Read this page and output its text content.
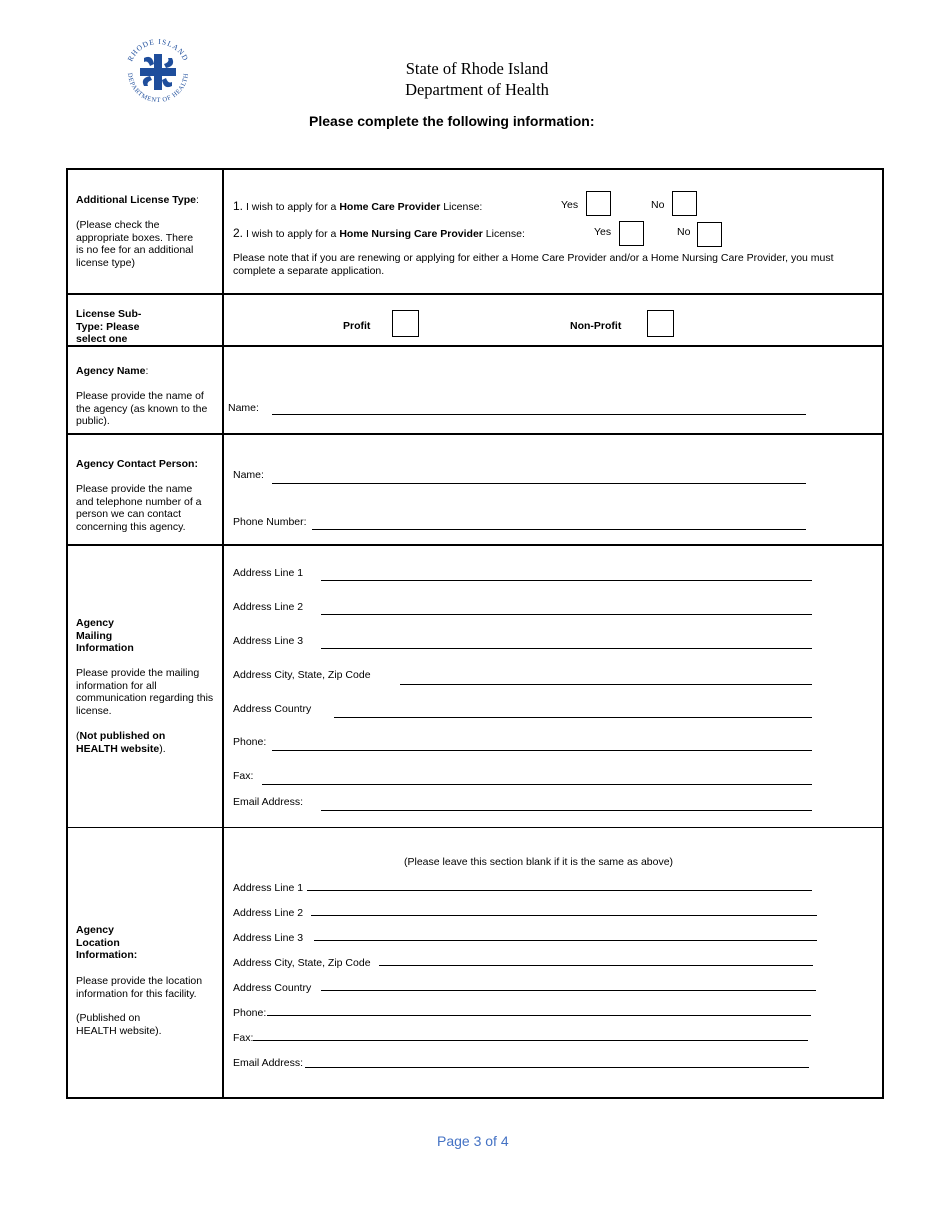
RHODE ISLAND
DEPARTMENT OF HEALTH	State of Rhode Island
Department of Health
Please complete the following information:
Additional License Type:
(Please check the appropriate boxes. There is no fee for an additional license type)
1. I wish to apply for a Home Care Provider License:	Yes	No
2. I wish to apply for a Home Nursing Care Provider License:	Yes	No
Please note that if you are renewing or applying for either a Home Care Provider and/or a Home Nursing Care Provider, you must complete a separate application.
License Sub-Type: Please select one
Profit	Non-Profit
Agency Name:
Please provide the name of the agency (as known to the public).
Name:
Agency Contact Person:
Please provide the name and telephone number of a person we can contact concerning this agency.
Name:
Phone Number:
Agency Mailing Information
Please provide the mailing information for all communication regarding this license.
(Not published on HEALTH website).
Address Line 1
Address Line 2
Address Line 3
Address City, State, Zip Code
Address Country
Phone:
Fax:
Email Address:
Agency Location Information:
Please provide the location information for this facility.
(Published on HEALTH website).
(Please leave this section blank if it is the same as above)
Address Line 1
Address Line 2
Address Line 3
Address City, State, Zip Code
Address Country
Phone:
Fax:
Email Address:
Page 3 of 4
